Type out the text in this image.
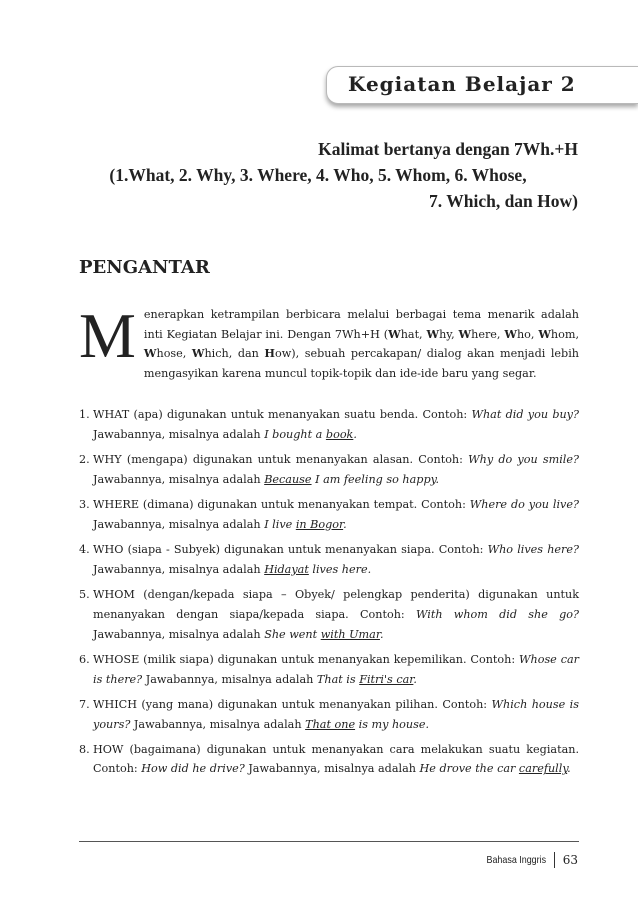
Kegiatan Belajar 2
Kalimat bertanya dengan 7Wh.+H
(1.What, 2. Why, 3. Where, 4. Who, 5. Whom, 6. Whose,
7. Which, dan How)
PENGANTAR
Menerapkan ketrampilan berbicara melalui berbagai tema menarik adalah inti Kegiatan Belajar ini. Dengan 7Wh+H (What, Why, Where, Who, Whom, Whose, Which, dan How), sebuah percakapan/ dialog akan menjadi lebih mengasyikan karena muncul topik-topik dan ide-ide baru yang segar.
1. WHAT (apa) digunakan untuk menanyakan suatu benda. Contoh: What did you buy? Jawabannya, misalnya adalah I bought a book.
2. WHY (mengapa) digunakan untuk menanyakan alasan. Contoh: Why do you smile? Jawabannya, misalnya adalah Because I am feeling so happy.
3. WHERE (dimana) digunakan untuk menanyakan tempat. Contoh: Where do you live? Jawabannya, misalnya adalah I live in Bogor.
4. WHO (siapa - Subyek) digunakan untuk menanyakan siapa. Contoh: Who lives here? Jawabannya, misalnya adalah Hidayat lives here.
5. WHOM (dengan/kepada siapa – Obyek/ pelengkap penderita) digunakan untuk menanyakan dengan siapa/kepada siapa. Contoh: With whom did she go? Jawabannya, misalnya adalah She went with Umar.
6. WHOSE (milik siapa) digunakan untuk menanyakan kepemilikan. Contoh: Whose car is there? Jawabannya, misalnya adalah That is Fitri's car.
7. WHICH (yang mana) digunakan untuk menanyakan pilihan. Contoh: Which house is yours? Jawabannya, misalnya adalah That one is my house.
8. HOW (bagaimana) digunakan untuk menanyakan cara melakukan suatu kegiatan. Contoh: How did he drive? Jawabannya, misalnya adalah He drove the car carefully.
Bahasa Inggris 63
